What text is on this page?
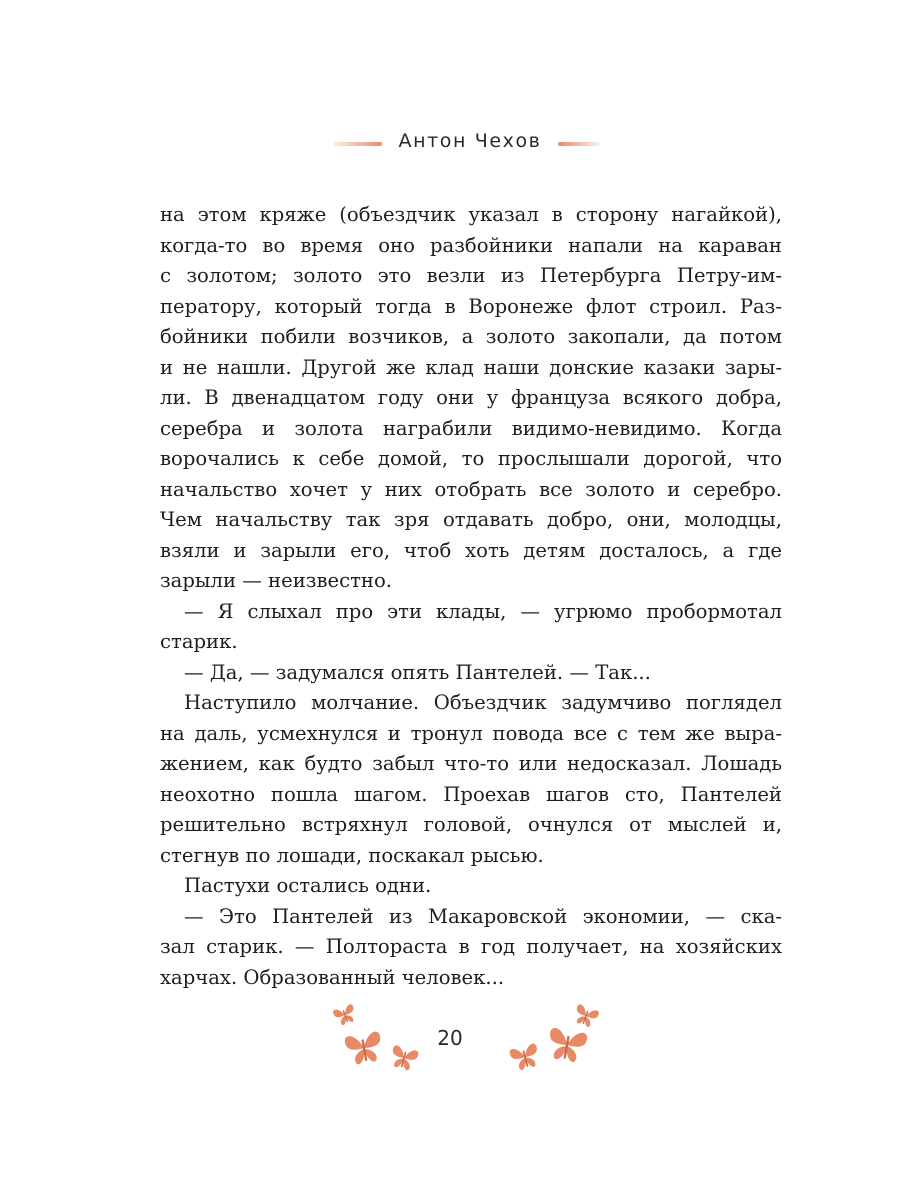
Антон Чехов
на этом кряже (объездчик указал в сторону нагайкой),
когда-то во время оно разбойники напали на караван
с золотом; золото это везли из Петербурга Петру-им-
ператору, который тогда в Воронеже флот строил. Раз-
бойники побили возчиков, а золото закопали, да потом
и не нашли. Другой же клад наши донские казаки зары-
ли. В двенадцатом году они у француза всякого добра,
серебра и золота награбили видимо-невидимо. Когда
ворочались к себе домой, то прослышали дорогой, что
начальство хочет у них отобрать все золото и серебро.
Чем начальству так зря отдавать добро, они, молодцы,
взяли и зарыли его, чтоб хоть детям досталось, а где
зарыли — неизвестно.
— Я слыхал про эти клады, — угрюмо пробормотал
старик.
— Да, — задумался опять Пантелей. — Так...
Наступило молчание. Объездчик задумчиво поглядел
на даль, усмехнулся и тронул повода все с тем же выра-
жением, как будто забыл что-то или недосказал. Лошадь
неохотно пошла шагом. Проехав шагов сто, Пантелей
решительно встряхнул головой, очнулся от мыслей и,
стегнув по лошади, поскакал рысью.
Пастухи остались одни.
— Это Пантелей из Макаровской экономии, — ска-
зал старик. — Полтораста в год получает, на хозяйских
харчах. Образованный человек...
20
